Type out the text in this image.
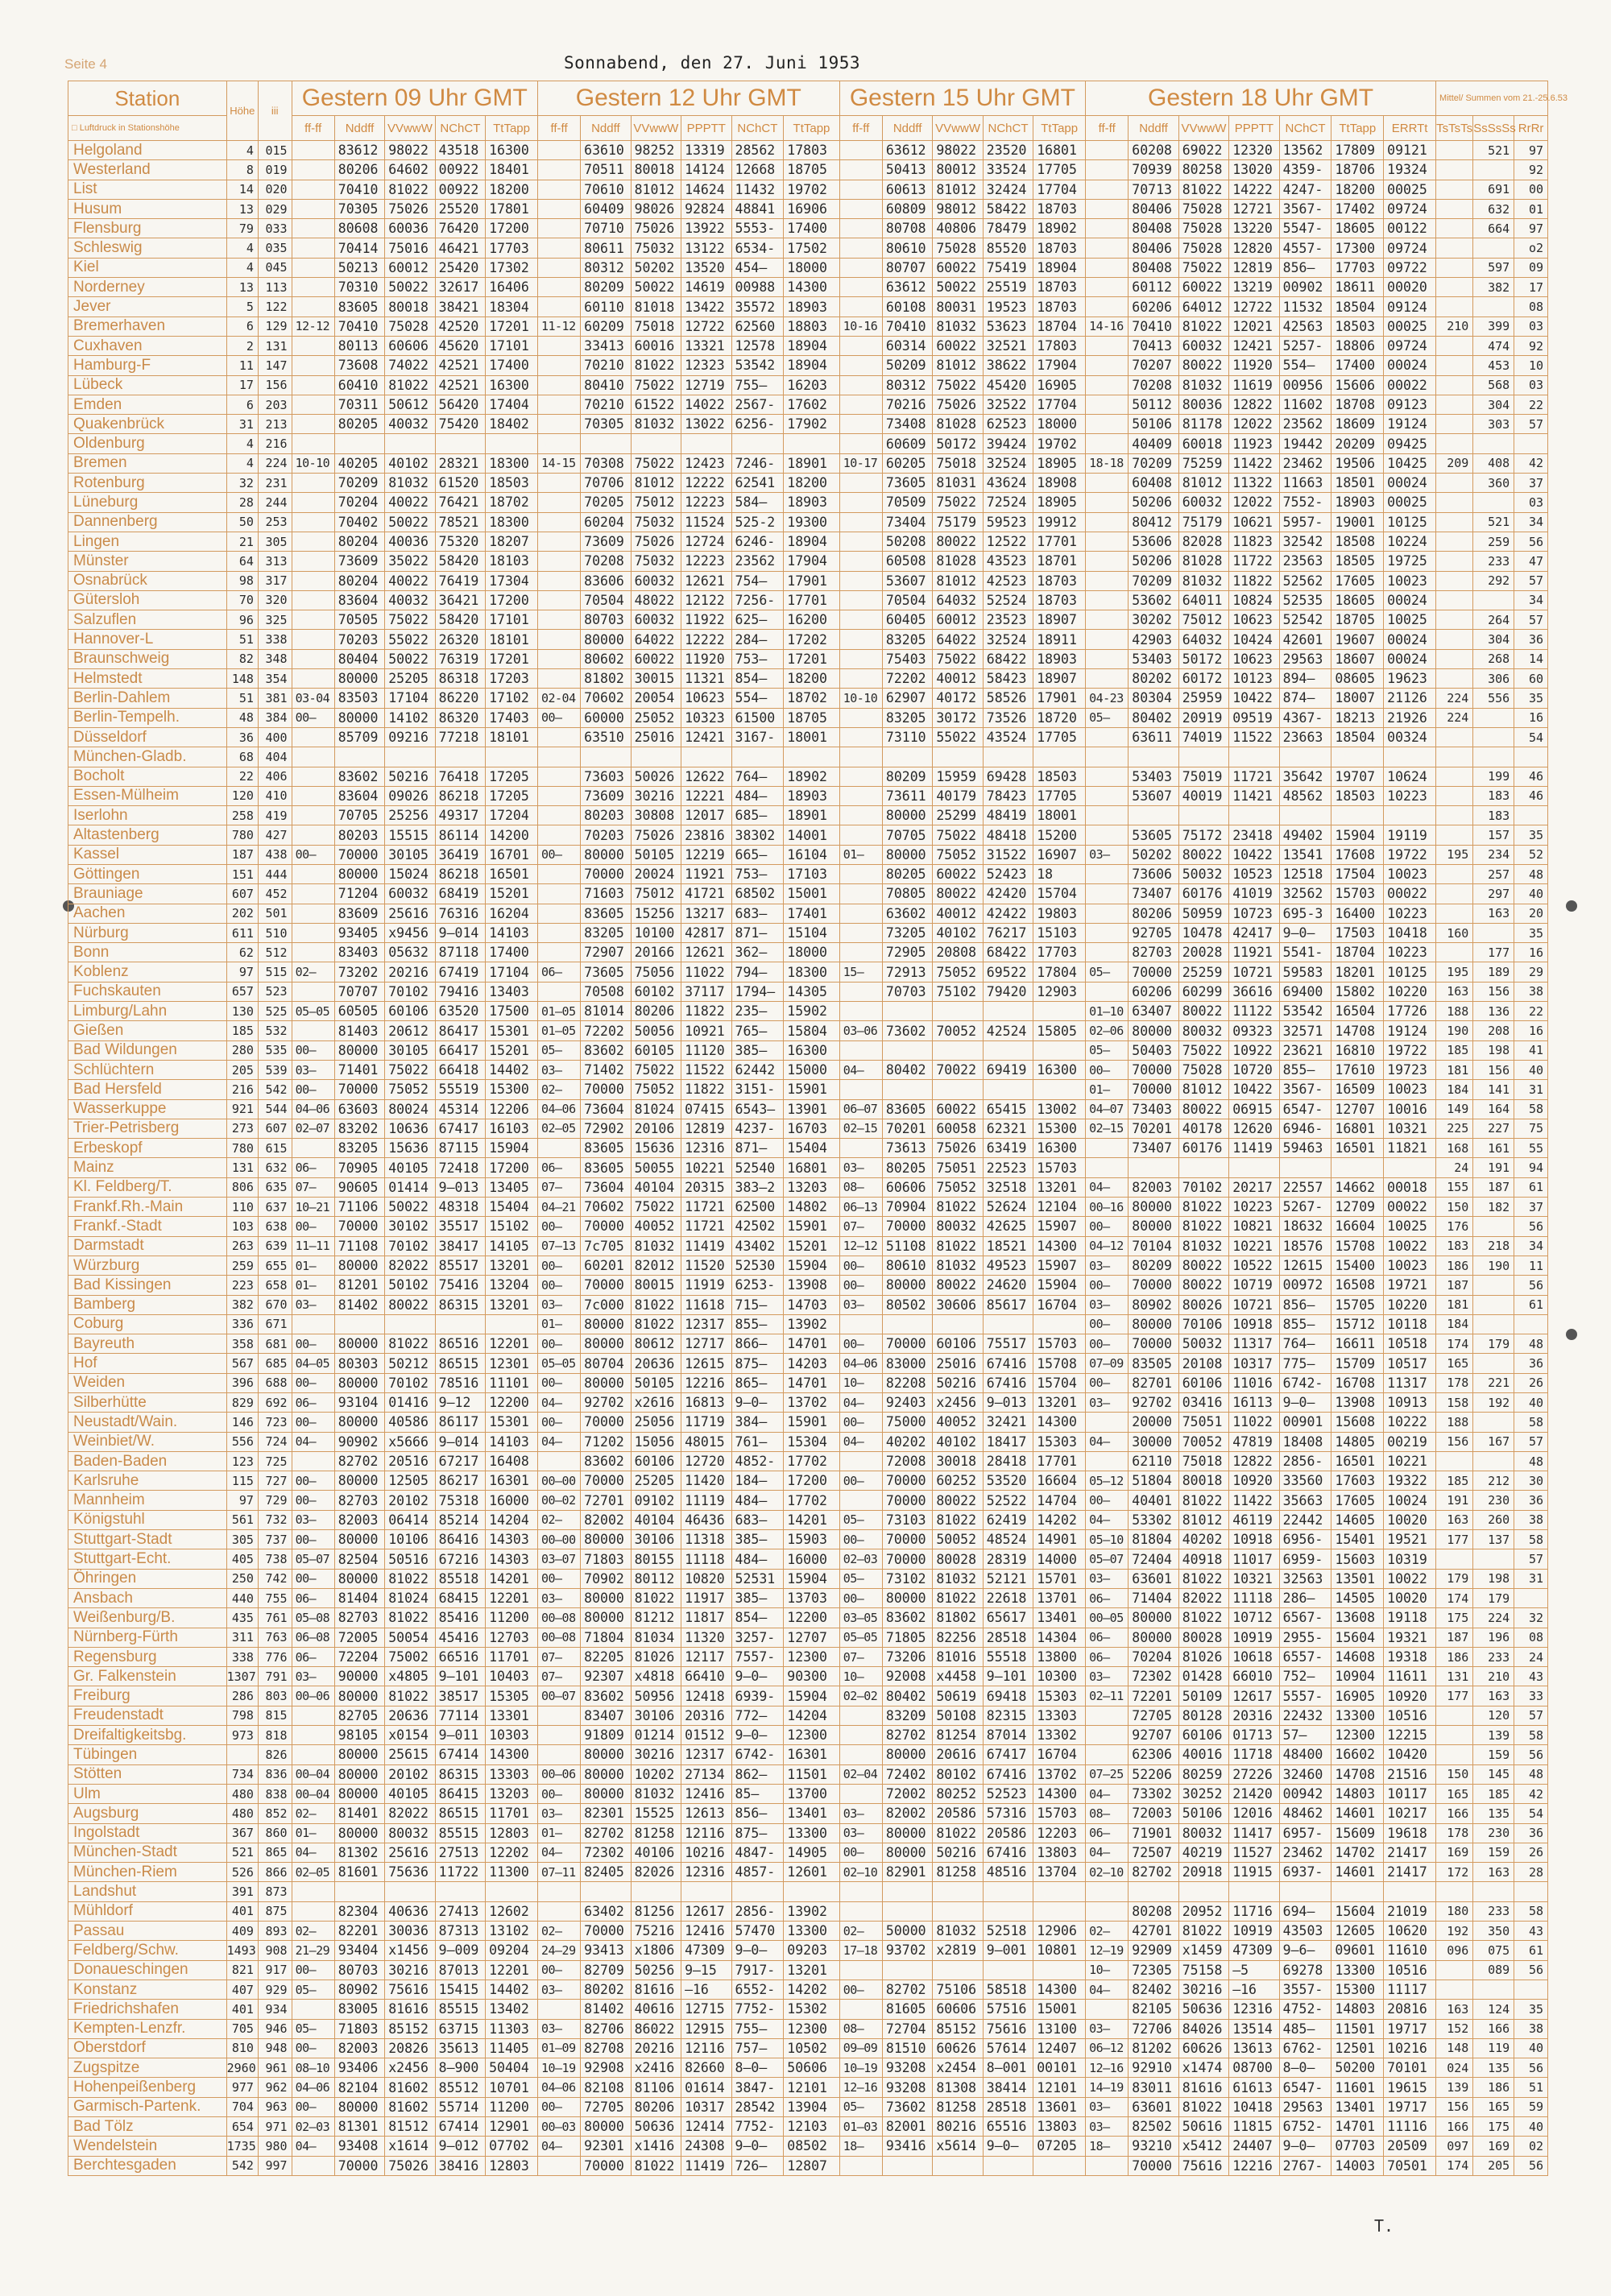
Seite 4	Sonnabend, den 27. Juni 1953
Station	Höhe	iii	Gestern 09 Uhr GMT					Gestern 12 Uhr GMT						Gestern 15 Uhr GMT					Gestern 18 Uhr GMT							Mittel/ Summen vom 21.-25.6.53		
□ Luftdruck in Stationshöhe			ff-ff	Nddff	VVwwW	NChCT	TtTapp	ff-ff	Nddff	VVwwW	PPPTT	NChCT	TtTapp	ff-ff	Nddff	VVwwW	NChCT	TtTapp	ff-ff	Nddff	VVwwW	PPPTT	NChCT	TtTapp	ERRTt	TsTsTs	SsSsSs	RrRr
Helgoland	4	015		83612	98022	43518	16300		63610	98252	13319	28562	17803		63612	98022	23520	16801		60208	69022	12320	13562	17809	09121		521	97
Westerland	8	019		80206	64602	00922	18401		70511	80018	14124	12668	18705		50413	80012	33524	17705		70939	80258	13020	4359-	18706	19324			92
List	14	020		70410	81022	00922	18200		70610	81012	14624	11432	19702		60613	81012	32424	17704		70713	81022	14222	4247-	18200	00025		691	00
Husum	13	029		70305	75026	25520	17801		60409	98026	92824	48841	16906		60809	98012	58422	18703		80406	75028	12721	3567-	17402	09724		632	01
Flensburg	79	033		80608	60036	76420	17200		70710	75026	13922	5553-	17400		80708	40806	78479	18902		80408	75028	13220	5547-	18605	00122		664	97
Schleswig	4	035		70414	75016	46421	17703		80611	75032	13122	6534-	17502		80610	75028	85520	18703		80406	75028	12820	4557-	17300	09724			o2
Kiel	4	045		50213	60012	25420	17302		80312	50202	13520	454—	18000		80707	60022	75419	18904		80408	75022	12819	856—	17703	09722		597	09
Norderney	13	113		70310	50022	32617	16406		80209	50022	14619	00988	14300		63612	50022	25519	18703		60112	60022	13219	00902	18611	00020		382	17
Jever	5	122		83605	80018	38421	18304		60110	81018	13422	35572	18903		60108	80031	19523	18703		60206	64012	12722	11532	18504	09124			08
Bremerhaven	6	129	12-12	70410	75028	42520	17201	11-12	60209	75018	12722	62560	18803	10-16	70410	81032	53623	18704	14-16	70410	81022	12021	42563	18503	00025	210	399	03
Cuxhaven	2	131		80113	60606	45620	17101		33413	60016	13321	12578	18904		60314	60022	32521	17803		70413	60032	12421	5257-	18806	09724		474	92
Hamburg-F	11	147		73608	74022	42521	17400		70210	81022	12323	53542	18904		50209	81012	38622	17904		70207	80022	11920	554—	17400	00024		453	10
Lübeck	17	156		60410	81022	42521	16300		80410	75022	12719	755—	16203		80312	75022	45420	16905		70208	81032	11619	00956	15606	00022		568	03
Emden	6	203		70311	50612	56420	17404		70210	61522	14022	2567-	17602		70216	75026	32522	17704		50112	80036	12822	11602	18708	09123		304	22
Quakenbrück	31	213		80205	40032	75420	18402		70305	81032	13022	6256-	17902		73408	81028	62523	18000		50106	81178	12022	23562	18609	19124		303	57
Oldenburg	4	216													60609	50172	39424	19702		40409	60018	11923	19442	20209	09425			
Bremen	4	224	10-10	40205	40102	28321	18300	14-15	70308	75022	12423	7246-	18901	10-17	60205	75018	32524	18905	18-18	70209	75259	11422	23462	19506	10425	209	408	42
Rotenburg	32	231		70209	81032	61520	18503		70706	81012	12222	62541	18200		73605	81031	43624	18908		60408	81012	11322	11663	18501	00024		360	37
Lüneburg	28	244		70204	40022	76421	18702		70205	75012	12223	584—	18903		70509	75022	72524	18905		50206	60032	12022	7552-	18903	00025			03
Dannenberg	50	253		70402	50022	78521	18300		60204	75032	11524	525-2	19300		73404	75179	59523	19912		80412	75179	10621	5957-	19001	10125		521	34
Lingen	21	305		80204	40036	75320	18207		73609	75026	12724	6246-	18904		50208	80022	12522	17701		53606	82028	11823	32542	18508	10224		259	56
Münster	64	313		73609	35022	58420	18103		70208	75032	12223	23562	17904		60508	81028	43523	18701		50206	81028	11722	23563	18505	19725		233	47
Osnabrück	98	317		80204	40022	76419	17304		83606	60032	12621	754—	17901		53607	81012	42523	18703		70209	81032	11822	52562	17605	10023		292	57
Gütersloh	70	320		83604	40032	36421	17200		70504	48022	12122	7256-	17701		70504	64032	52524	18703		53602	64011	10824	52535	18605	00024			34
Salzuflen	96	325		70505	75022	58420	17101		80703	60032	11922	625—	16200		60405	60012	23523	18907		30202	75012	10623	52542	18705	10025		264	57
Hannover-L	51	338		70203	55022	26320	18101		80000	64022	12222	284—	17202		83205	64022	32524	18911		42903	64032	10424	42601	19607	00024		304	36
Braunschweig	82	348		80404	50022	76319	17201		80602	60022	11920	753—	17201		75403	75022	68422	18903		53403	50172	10623	29563	18607	00024		268	14
Helmstedt	148	354		80000	25205	86318	17203		81802	30015	11321	854—	18200		72202	40012	58423	18907		80202	60172	10123	894—	08605	19623		306	60
Berlin-Dahlem	51	381	03-04	83503	17104	86220	17102	02-04	70602	20054	10623	554—	18702	10-10	62907	40172	58526	17901	04-23	80304	25959	10422	874—	18007	21126	224	556	35
Berlin-Tempelh.	48	384	00—	80000	14102	86320	17403	00—	60000	25052	10323	61500	18705		83205	30172	73526	18720	05—	80402	20919	09519	4367-	18213	21926	224		16
Düsseldorf	36	400		85709	09216	77218	18101		63510	25016	12421	3167-	18001		73110	55022	43524	17705		63611	74019	11522	23663	18504	00324			54
München-Gladb.	68	404																										
Bocholt	22	406		83602	50216	76418	17205		73603	50026	12622	764—	18902		80209	15959	69428	18503		53403	75019	11721	35642	19707	10624		199	46
Essen-Mülheim	120	410		83604	09026	86218	17205		73609	30216	12221	484—	18903		73611	40179	78423	17705		53607	40019	11421	48562	18503	10223		183	46
Iserlohn	258	419		70705	25256	49317	17204		80203	30808	12017	685—	18901		80000	25299	48419	18001									183	
Altastenberg	780	427		80203	15515	86114	14200		70203	75026	23816	38302	14001		70705	75022	48418	15200		53605	75172	23418	49402	15904	19119		157	35
Kassel	187	438	00—	70000	30105	36419	16701	00—	80000	50105	12219	665—	16104	01—	80000	75052	31522	16907	03—	50202	80022	10422	13541	17608	19722	195	234	52
Göttingen	151	444		80000	15024	86218	16501		70000	20024	11921	753—	17103		80205	60022	52423	18		73606	50032	10523	12518	17504	10023		257	48
Brauniage	607	452		71204	60032	68419	15201		71603	75012	41721	68502	15001		70805	80022	42420	15704		73407	60176	41019	32562	15703	00022		297	40
Aachen	202	501		83609	25616	76316	16204		83605	15256	13217	683—	17401		63602	40012	42422	19803		80206	50959	10723	695-3	16400	10223		163	20
Nürburg	611	510		93405	x9456	9—014	14103		83205	10100	42817	871—	15104		73205	40102	76217	15103		92705	10478	42417	9—0—	17503	10418	160		35
Bonn	62	512		83403	05632	87118	17400		72907	20166	12621	362—	18000		72905	20808	68422	17703		82703	20028	11921	5541-	18704	10223		177	16
Koblenz	97	515	02—	73202	20216	67419	17104	06—	73605	75056	11022	794—	18300	15—	72913	75052	69522	17804	05—	70000	25259	10721	59583	18201	10125	195	189	29
Fuchskauten	657	523		70707	70102	79416	13403		70508	60102	37117	1794—	14305		70703	75102	79420	12903		60206	60299	36616	69400	15802	10220	163	156	38
Limburg/Lahn	130	525	05—05	60505	60106	63520	17500	01—05	81014	80206	11822	235—	15902						01—10	63407	80022	11122	53542	16504	17726	188	136	22
Gießen	185	532		81403	20612	86417	15301	01—05	72202	50056	10921	765—	15804	03—06	73602	70052	42524	15805	02—06	80000	80032	09323	32571	14708	19124	190	208	16
Bad Wildungen	280	535	00—	80000	30105	66417	15201	05—	83602	60105	11120	385—	16300						05—	50403	75022	10922	23621	16810	19722	185	198	41
Schlüchtern	205	539	03—	71401	75022	66418	14402	03—	71402	75022	11522	62442	15000	04—	80402	70022	69419	16300	00—	70000	75028	10720	855—	17610	19723	181	156	40
Bad Hersfeld	216	542	00—	70000	75052	55519	15300	02—	70000	75052	11822	3151-	15901						01—	70000	81012	10422	3567-	16509	10023	184	141	31
Wasserkuppe	921	544	04—06	63603	80024	45314	12206	04—06	73604	81024	07415	6543—	13901	06—07	83605	60022	65415	13002	04—07	73403	80022	06915	6547-	12707	10016	149	164	58
Trier-Petrisberg	273	607	02—07	83202	10636	67417	16103	02—05	72902	20106	12819	4237-	16703	02—15	70201	60058	62321	15300	02—15	70201	40178	12620	6946-	16801	10321	225	227	75
Erbeskopf	780	615		83205	15636	87115	15904		83605	15636	12316	871—	15404		73613	75026	63419	16300		73407	60176	11419	59463	16501	11821	168	161	55
Mainz	131	632	06—	70905	40105	72418	17200	06—	83605	50055	10221	52540	16801	03—	80205	75051	22523	15703								24	191	94
Kl. Feldberg/T.	806	635	07—	90605	01414	9—013	13405	07—	73604	40104	20315	383—2	13203	08—	60606	75052	32518	13201	04—	82003	70102	20217	22557	14662	00018	155	187	61
Frankf.Rh.-Main	110	637	10—21	71106	50022	48318	15404	04—21	70602	75022	11721	62500	14802	06—13	70904	81022	52624	12104	00—16	80000	81022	10223	5267-	12709	00022	150	182	37
Frankf.-Stadt	103	638	00—	70000	30102	35517	15102	00—	70000	40052	11721	42502	15901	07—	70000	80032	42625	15907	00—	80000	81022	10821	18632	16604	10025	176		56
Darmstadt	263	639	11—11	71108	70102	38417	14105	07—13	7c705	81032	11419	43402	15201	12—12	51108	81022	18521	14300	04—12	70104	81032	10221	18576	15708	10022	183	218	34
Würzburg	259	655	01—	80000	82022	85517	13201	00—	60201	82012	11520	52530	15904	00—	80610	81032	49523	15907	03—	80209	80022	10522	12615	15400	10023	186	190	11
Bad Kissingen	223	658	01—	81201	50102	75416	13204	00—	70000	80015	11919	6253-	13908	00—	80000	80022	24620	15904	00—	70000	80022	10719	00972	16508	19721	187		56
Bamberg	382	670	03—	81402	80022	86315	13201	03—	7c000	81022	11618	715—	14703	03—	80502	30606	85617	16704	03—	80902	80026	10721	856—	15705	10220	181		61
Coburg	336	671						01—	80000	81022	12317	855—	13902						00—	80000	70106	10918	855—	15712	10118	184		
Bayreuth	358	681	00—	80000	81022	86516	12201	00—	80000	80612	12717	866—	14701	00—	70000	60106	75517	15703	00—	70000	50032	11317	764—	16611	10518	174	179	48
Hof	567	685	04—05	80303	50212	86515	12301	05—05	80704	20636	12615	875—	14203	04—06	83000	25016	67416	15708	07—09	83505	20108	10317	775—	15709	10517	165		36
Weiden	396	688	00—	80000	70102	78516	11101	00—	80000	50105	12216	865—	14701	10—	82208	50216	67416	15704	00—	82701	60106	11016	6742-	16708	11317	178	221	26
Silberhütte	829	692	06—	93104	01416	9—12	12200	04—	92702	x2616	16813	9—0—	13702	04—	92403	x2456	9—013	13201	03—	92702	03416	16113	9—0—	13908	10913	158	192	40
Neustadt/Wain.	146	723	00—	80000	40586	86117	15301	00—	70000	25056	11719	384—	15901	00—	75000	40052	32421	14300		20000	75051	11022	00901	15608	10222	188		58
Weinbiet/W.	556	724	04—	90902	x5666	9—014	14103	04—	71202	15056	48015	761—	15304	04—	40202	40102	18417	15303	04—	30000	70052	47819	18408	14805	00219	156	167	57
Baden-Baden	123	725		82702	20516	67217	16408		83602	60106	12720	4852-	17702		72008	30018	28418	17701		62110	75018	12822	2856-	16501	10221			48
Karlsruhe	115	727	00—	80000	12505	86217	16301	00—00	70000	25205	11420	184—	17200	00—	70000	60252	53520	16604	05—12	51804	80018	10920	33560	17603	19322	185	212	30
Mannheim	97	729	00—	82703	20102	75318	16000	00—02	72701	09102	11119	484—	17702		70000	80022	52522	14704	00—	40401	81022	11422	35663	17605	10024	191	230	36
Königstuhl	561	732	03—	82003	06414	85214	14204	02—	82002	40104	46436	683—	14201	05—	73103	81022	62419	14202	04—	53302	81012	46119	22442	14605	10020	163	260	38
Stuttgart-Stadt	305	737	00—	80000	10106	86416	14303	00—00	80000	30106	11318	385—	15903	00—	70000	50052	48524	14901	05—10	81804	40202	10918	6956-	15401	19521	177	137	58
Stuttgart-Echt.	405	738	05—07	82504	50516	67216	14303	03—07	71803	80155	11118	484—	16000	02—03	70000	80028	28319	14000	05—07	72404	40918	11017	6959-	15603	10319			57
Öhringen	250	742	00—	80000	81022	85518	14201	00—	70902	80112	10820	52531	15904	05—	73102	81032	52121	15701	03—	63601	81022	10321	32563	13501	10022	179	198	31
Ansbach	440	755	06—	81404	81024	68415	12201	03—	80000	81022	11917	385—	13703	00—	80000	81022	22618	13701	06—	71404	82022	11118	286—	14505	10020	174	179	
Weißenburg/B.	435	761	05—08	82703	81022	85416	11200	00—08	80000	81212	11817	854—	12200	03—05	83602	81802	65617	13401	00—05	80000	81022	10712	6567-	13608	19118	175	224	32
Nürnberg-Fürth	311	763	06—08	72005	50054	45416	12703	00—08	71804	81034	11320	3257-	12707	05—05	71805	82256	28518	14304	06—	80000	80028	10919	2955-	15604	19321	187	196	08
Regensburg	338	776	06—	72204	75002	66516	11701	07—	82205	81026	12117	7557-	12300	07—	73206	81016	55518	13800	06—	70204	81026	10618	6557-	14608	19318	186	233	24
Gr. Falkenstein	1307	791	03—	90000	x4805	9—101	10403	07—	92307	x4818	66410	9—0—	90300	10—	92008	x4458	9—101	10300	03—	72302	01428	66010	752—	10904	11611	131	210	43
Freiburg	286	803	00—06	80000	81022	38517	15305	00—07	83602	50956	12418	6939-	15904	02—02	80402	50619	69418	15303	02—11	72201	50109	12617	5557-	16905	10920	177	163	33
Freudenstadt	798	815		82705	20636	77114	13301		83407	30106	20316	772—	14204		83209	50108	82315	13303		72705	80128	20316	22432	13300	10516		120	57
Dreifaltigkeitsbg.	973	818		98105	x0154	9—011	10303		91809	01214	01512	9—0—	12300		82702	81254	87014	13302		92707	60106	01713	57—	12300	12215		139	58
Tübingen		826		80000	25615	67414	14300		80000	30216	12317	6742-	16301		80000	20616	67417	16704		62306	40016	11718	48400	16602	10420		159	56
Stötten	734	836	00—04	80000	20102	86315	13303	00—06	80000	10202	27134	862—	11501	02—04	72402	80102	67416	13702	07—25	52206	80259	27226	32460	14708	21516	150	145	48
Ulm	480	838	00—04	80000	40105	86415	13203	00—	80000	81032	12416	85—	13700		72002	80252	52523	14300	04—	73302	30252	21420	00942	14803	10117	165	185	42
Augsburg	480	852	02—	81401	82022	86515	11701	03—	82301	15525	12613	856—	13401	03—	82002	20586	57316	15703	08—	72003	50106	12016	48462	14601	10217	166	135	54
Ingolstadt	367	860	01—	80000	80032	85515	12803	01—	82702	81258	12116	875—	13300	03—	80000	81022	20586	12203	06—	71901	80032	11417	6957-	15609	19618	178	230	36
München-Stadt	521	865	04—	81302	25616	27513	12202	04—	72302	40106	10216	4847-	14905	00—	80000	50216	67416	13803	04—	72507	40219	11527	23462	14702	21417	169	159	26
München-Riem	526	866	02—05	81601	75636	11722	11300	07—11	82405	82026	12316	4857-	12601	02—10	82901	81258	48516	13704	02—10	82702	20918	11915	6937-	14601	21417	172	163	28
Landshut	391	873																										
Mühldorf	401	875		82304	40636	27413	12602		63402	81256	12617	2856-	13902							80208	20952	11716	694—	15604	21019	180	233	58
Passau	409	893	02—	82201	30036	87313	13102	02—	70000	75216	12416	57470	13300	02—	50000	81032	52518	12906	02—	42701	81022	10919	43503	12605	10620	192	350	43
Feldberg/Schw.	1493	908	21—29	93404	x1456	9—009	09204	24—29	93413	x1806	47309	9—0—	09203	17—18	93702	x2819	9—001	10801	12—19	92909	x1459	47309	9—6—	09601	11610	096	075	61
Donaueschingen	821	917	00—	80703	30216	87013	12201	00—	82709	50256	9—15	7917-	13201						10—	72305	75158	—5	69278	13300	10516		089	56
Konstanz	407	929	05—	80902	75616	15415	14402	03—	80202	81616	—16	6552-	14202	00—	82702	75106	58518	14300	04—	82402	30216	—16	3557-	15300	11117			
Friedrichshafen	401	934		83005	81616	85515	13402		81402	40616	12715	7752-	15302		81605	60606	57516	15001		82105	50636	12316	4752-	14803	20816	163	124	35
Kempten-Lenzfr.	705	946	05—	71803	85152	63715	11303	03—	82706	86022	12915	755—	12300	08—	72704	85152	75616	13100	03—	72706	84026	13514	485—	11501	19717	152	166	38
Oberstdorf	810	948	00—	82003	20826	35613	11405	01—09	82708	20216	12116	757—	10502	09—09	81510	60626	57614	12407	06—12	81202	60626	13613	6762-	12501	10216	148	119	40
Zugspitze	2960	961	08—10	93406	x2456	8—900	50404	10—19	92908	x2416	82660	8—0—	50606	10—19	93208	x2454	8—001	00101	12—16	92910	x1474	08700	8—0—	50200	70101	024	135	56
Hohenpeißenberg	977	962	04—06	82104	81602	85512	10701	04—06	82108	81106	01614	3847-	12101	12—16	93208	81308	38414	12101	14—19	83011	81616	61613	6547-	11601	19615	139	186	51
Garmisch-Partenk.	704	963	00—	80000	81602	55714	11200	00—	72705	80206	10317	28542	13904	05—	73602	81258	28518	13601	03—	63601	81022	10418	29563	13401	19717	156	165	59
Bad Tölz	654	971	02—03	81301	81512	67414	12901	00—03	80000	50636	12414	7752-	12103	01—03	82001	80216	65516	13803	03—	82502	50616	11815	6752-	14701	11116	166	175	40
Wendelstein	1735	980	04—	93408	x1614	9—012	07702	04—	92301	x1416	24308	9—0—	08502	18—	93416	x5614	9—0—	07205	18—	93210	x5412	24407	9—0—	07703	20509	097	169	02
Berchtesgaden	542	997		70000	75026	38416	12803		70000	81022	11419	726—	12807							70000	75616	12216	2767-	14003	70501	174	205	56
T.
